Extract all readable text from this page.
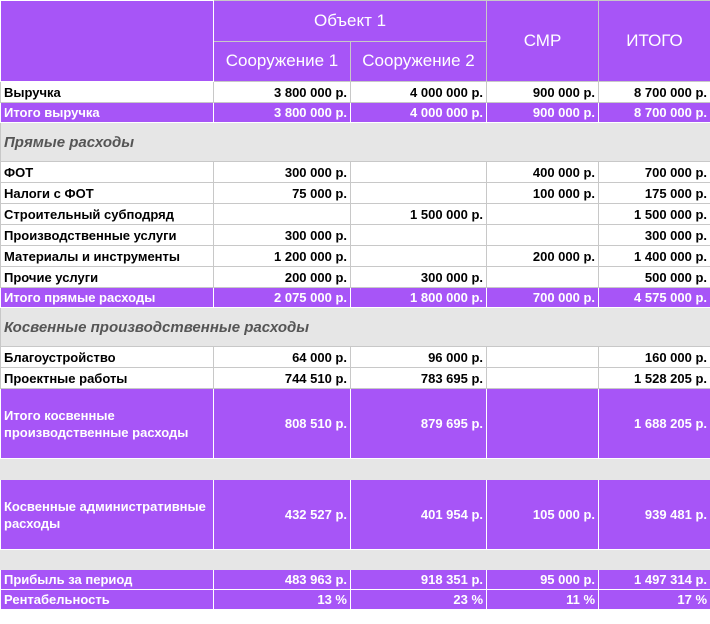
	Объект 1		СМР	ИТОГО
	Сооружение 1	Сооружение 2		
Выручка	3 800 000 р.	4 000 000 р.	900 000 р.	8 700 000 р.
Итого выручка	3 800 000 р.	4 000 000 р.	900 000 р.	8 700 000 р.
Прямые расходы				
ФОТ	300 000 р.		400 000 р.	700 000 р.
Налоги с ФОТ	75 000 р.		100 000 р.	175 000 р.
Строительный субподряд		1 500 000 р.		1 500 000 р.
Производственные услуги	300 000 р.			300 000 р.
Материалы и инструменты	1 200 000 р.		200 000 р.	1 400 000 р.
Прочие услуги	200 000 р.	300 000 р.		500 000 р.
Итого прямые расходы	2 075 000 р.	1 800 000 р.	700 000 р.	4 575 000 р.
Косвенные производственные расходы				
Благоустройство	64 000 р.	96 000 р.		160 000 р.
Проектные работы	744 510 р.	783 695 р.		1 528 205 р.
Итого косвенные производственные расходы	808 510 р.	879 695 р.		1 688 205 р.

Косвенные административные расходы	432 527 р.	401 954 р.	105 000 р.	939 481 р.

Прибыль за период	483 963 р.	918 351 р.	95 000 р.	1 497 314 р.
Рентабельность	13 %	23 %	11 %	17 %
